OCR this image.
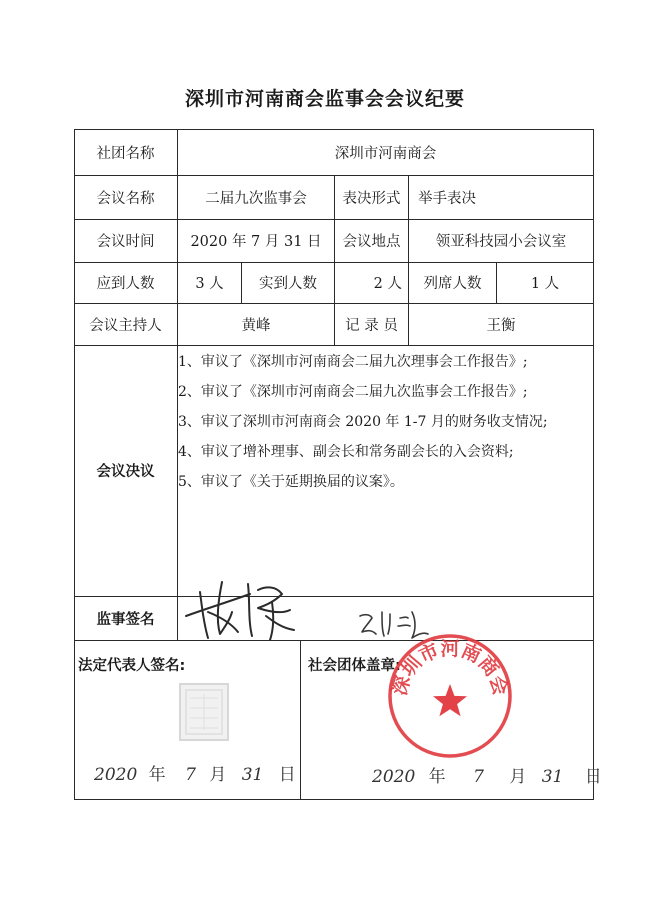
深圳市河南商会监事会会议纪要
社团名称	深圳市河南商会
会议名称	二届九次监事会	表决形式	举手表决
会议时间	2020 年 7 月 31 日	会议地点	领亚科技园小会议室
应到人数	3 人	实到人数	2 人	列席人数	1 人
会议主持人	黄峰	记 录 员	王衡
会议决议
1、审议了《深圳市河南商会二届九次理事会工作报告》;
2、审议了《深圳市河南商会二届九次监事会工作报告》;
3、审议了深圳市河南商会 2020 年 1-7 月的财务收支情况;
4、审议了增补理事、副会长和常务副会长的入会资料;
5、审议了《关于延期换届的议案》。
监事签名
法定代表人签名:	社会团体盖章:
2020 年 7 月 31 日	2020 年 7 月 31 日
深圳市河南商会
